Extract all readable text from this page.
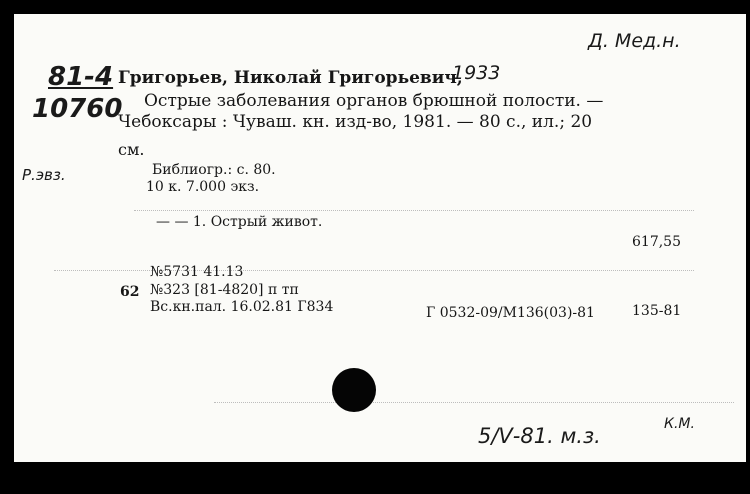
Д. Мед.н.
81-4
10760
1933
Р.эвз.
5/Ⅴ-81. м.з.	К.М.
Григорьев, Николай Григорьевич,
Острые заболевания органов брюшной полости. —
Чебоксары : Чуваш. кн. изд-во, 1981. — 80 с., ил.; 20
см.
Библиогр.: с. 80.
10 к. 7.000 экз.
— — 1. Острый живот.
617,55
№5731 41.13
62 №323 [81-4820] п тп
Вс.кн.пал. 16.02.81 Г834	Г 0532-09/М136(03)-81	135-81
